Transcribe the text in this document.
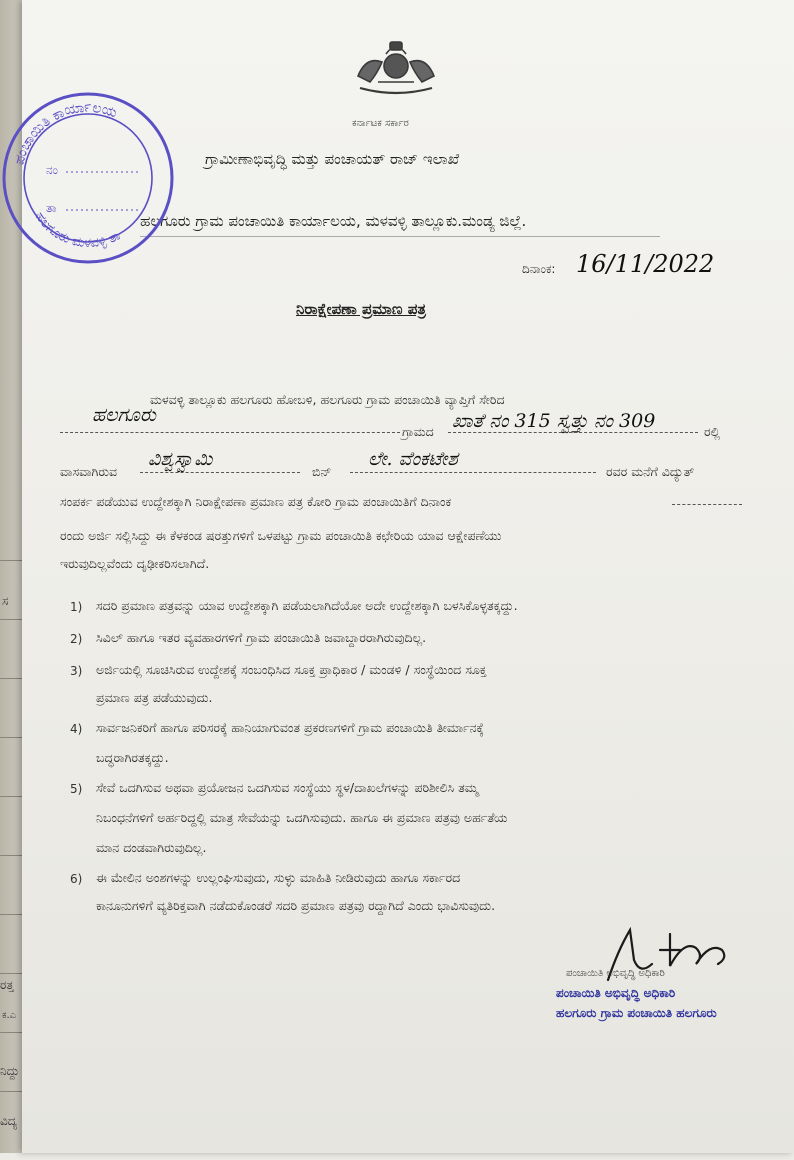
ಸ
ರತ್ತ
ಕ.ಎ
ನಿದ್ದು
ವಿದ್ಯ
ಕರ್ನಾಟಕ ಸರ್ಕಾರ
ಗ್ರಾಮೀಣಾಭಿವೃದ್ಧಿ ಮತ್ತು ಪಂಚಾಯತ್ ರಾಜ್ ಇಲಾಖೆ
ಹಲಗೂರು ಗ್ರಾಮ ಪಂಚಾಯಿತಿ ಕಾರ್ಯಾಲಯ, ಮಳವಳ್ಳಿ ತಾಲ್ಲೂಕು.ಮಂಡ್ಯ ಜಿಲ್ಲೆ.
ಪಂಚಾಯಿತಿ ಕಾರ್ಯಾಲಯ
ಹಲಗೂರು ಮಳವಳ್ಳಿ ತಾ
ನಂ
ತಾ
ದಿನಾಂಕ: 16/11/2022
ನಿರಾಕ್ಷೇಪಣಾ ಪ್ರಮಾಣ ಪತ್ರ
ಮಳವಳ್ಳಿ ತಾಲ್ಲೂಕು ಹಲಗೂರು ಹೋಬಳಿ, ಹಲಗೂರು ಗ್ರಾಮ ಪಂಚಾಯಿತಿ ವ್ಯಾಪ್ತಿಗೆ ಸೇರಿದ
ಹಲಗೂರು
ಗ್ರಾಮದ ಖಾತೆ ನಂ 315 ಸ್ವತ್ತು ನಂ 309	ರಲ್ಲಿ
ವಾಸವಾಗಿರುವ
ವಿಶ್ವಸ್ವಾಮಿ
ಬಿನ್
ಲೇ. ವೆಂಕಟೇಶ
ರವರ ಮನೆಗೆ ವಿದ್ಯುತ್
ಸಂಪರ್ಕ ಪಡೆಯುವ ಉದ್ದೇಶಕ್ಕಾಗಿ ನಿರಾಕ್ಷೇಪಣಾ ಪ್ರಮಾಣ ಪತ್ರ ಕೋರಿ ಗ್ರಾಮ ಪಂಚಾಯಿತಿಗೆ ದಿನಾಂಕ
ರಂದು ಅರ್ಜಿ ಸಲ್ಲಿಸಿದ್ದು ಈ ಕೆಳಕಂಡ ಷರತ್ತುಗಳಿಗೆ ಒಳಪಟ್ಟು ಗ್ರಾಮ ಪಂಚಾಯಿತಿ ಕಛೇರಿಯ ಯಾವ ಆಕ್ಷೇಪಣೆಯು
ಇರುವುದಿಲ್ಲವೆಂದು ದೃಢೀಕರಿಸಲಾಗಿದೆ.
1) ಸದರಿ ಪ್ರಮಾಣ ಪತ್ರವನ್ನು ಯಾವ ಉದ್ದೇಶಕ್ಕಾಗಿ ಪಡೆಯಲಾಗಿದೆಯೋ ಅದೇ ಉದ್ದೇಶಕ್ಕಾಗಿ ಬಳಸಿಕೊಳ್ಳತಕ್ಕದ್ದು.
2) ಸಿವಿಲ್ ಹಾಗೂ ಇತರ ವ್ಯವಹಾರಗಳಿಗೆ ಗ್ರಾಮ ಪಂಚಾಯಿತಿ ಜವಾಬ್ದಾರರಾಗಿರುವುದಿಲ್ಲ.
3) ಅರ್ಜಿಯಲ್ಲಿ ಸೂಚಿಸಿರುವ ಉದ್ದೇಶಕ್ಕೆ ಸಂಬಂಧಿಸಿದ ಸೂಕ್ತ ಪ್ರಾಧಿಕಾರ / ಮಂಡಳಿ / ಸಂಸ್ಥೆಯಿಂದ ಸೂಕ್ತ
ಪ್ರಮಾಣ ಪತ್ರ ಪಡೆಯುವುದು.
4) ಸಾರ್ವಜನಿಕರಿಗೆ ಹಾಗೂ ಪರಿಸರಕ್ಕೆ ಹಾನಿಯಾಗುವಂತ ಪ್ರಕರಣಗಳಿಗೆ ಗ್ರಾಮ ಪಂಚಾಯಿತಿ ತೀರ್ಮಾನಕ್ಕೆ
ಬದ್ಧರಾಗಿರತಕ್ಕದ್ದು.
5) ಸೇವೆ ಒದಗಿಸುವ ಅಥವಾ ಪ್ರಯೋಜನ ಒದಗಿಸುವ ಸಂಸ್ಥೆಯು ಸ್ಥಳ/ದಾಖಲೆಗಳನ್ನು ಪರಿಶೀಲಿಸಿ ತಮ್ಮ
ನಿಬಂಧನೆಗಳಿಗೆ ಅರ್ಹರಿದ್ದಲ್ಲಿ ಮಾತ್ರ ಸೇವೆಯನ್ನು ಒದಗಿಸುವುದು. ಹಾಗೂ ಈ ಪ್ರಮಾಣ ಪತ್ರವು ಅರ್ಹತೆಯ
ಮಾನ ದಂಡವಾಗಿರುವುದಿಲ್ಲ.
6) ಈ ಮೇಲಿನ ಅಂಶಗಳನ್ನು ಉಲ್ಲಂಘಿಸುವುದು, ಸುಳ್ಳು ಮಾಹಿತಿ ನೀಡಿರುವುದು ಹಾಗೂ ಸರ್ಕಾರದ
ಕಾನೂನುಗಳಿಗೆ ವ್ಯತಿರಿಕ್ತವಾಗಿ ನಡೆದುಕೊಂಡರೆ ಸದರಿ ಪ್ರಮಾಣ ಪತ್ರವು ರದ್ದಾಗಿದೆ ಎಂದು ಭಾವಿಸುವುದು.
ಪಂಚಾಯಿತಿ ಅಭಿವೃದ್ಧಿ ಅಧಿಕಾರಿ
ಪಂಚಾಯಿತಿ ಅಭಿವೃದ್ಧಿ ಅಧಿಕಾರಿ
ಹಲಗೂರು ಗ್ರಾಮ ಪಂಚಾಯಿತಿ ಹಲಗೂರು
